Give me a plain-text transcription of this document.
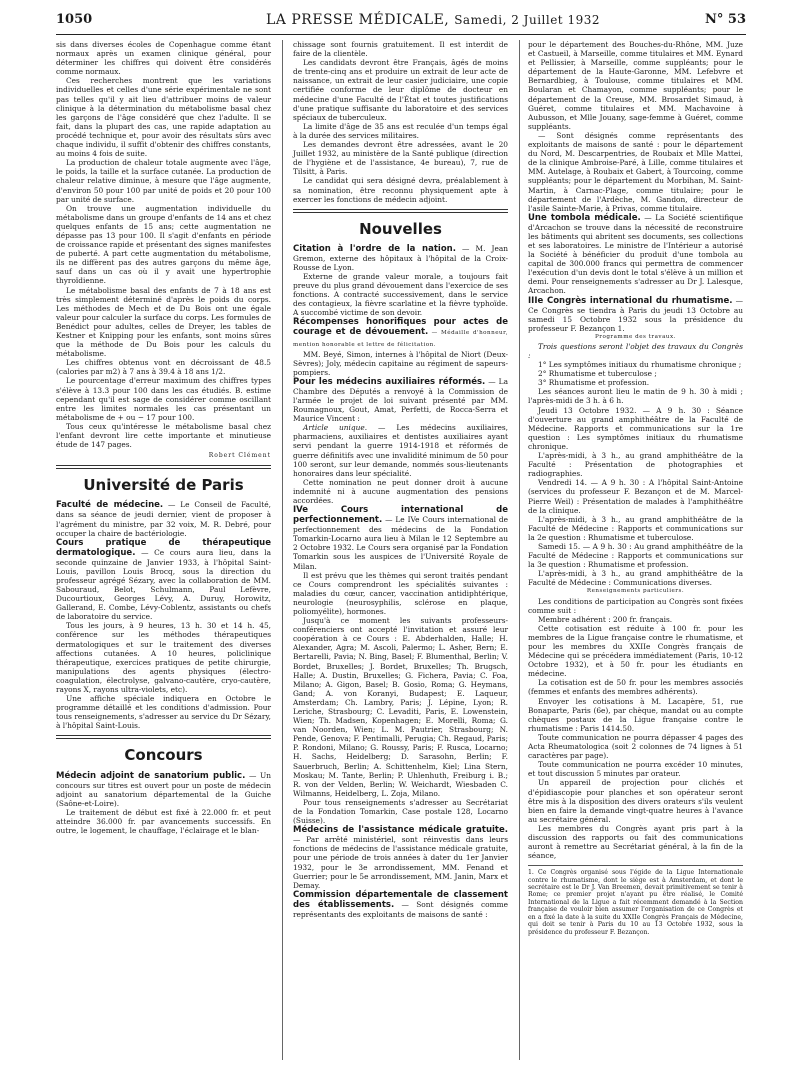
1050	LA PRESSE MÉDICALE, Samedi, 2 Juillet 1932	N° 53

sis dans diverses écoles de Copenhague comme étant normaux après un examen clinique général, pour déterminer les chiffres qui doivent être considérés comme normaux.

Ces recherches montrent que les variations individuelles et celles d'une série expérimentale ne sont pas telles qu'il y ait lieu d'attribuer moins de valeur clinique à la détermination du métabolisme basal chez les garçons de l'âge considéré que chez l'adulte. Il se fait, dans la plupart des cas, une rapide adaptation au procédé technique et, pour avoir des résultats sûrs avec chaque individu, il suffit d'obtenir des chiffres constants, au moins 4 fois de suite.

La production de chaleur totale augmente avec l'âge, le poids, la taille et la surface cutanée. La production de chaleur relative diminue, à mesure que l'âge augmente, d'environ 50 pour 100 par unité de poids et 20 pour 100 par unité de surface.

On trouve une augmentation individuelle du métabolisme dans un groupe d'enfants de 14 ans et chez quelques enfants de 15 ans; cette augmentation ne dépasse pas 13 pour 100. Il s'agit d'enfants en période de croissance rapide et présentant des signes manifestes de puberté. A part cette augmentation du métabolisme, ils ne diffèrent pas des autres garçons du même âge, sauf dans un cas où il y avait une hypertrophie thyroïdienne.

Le métabolisme basal des enfants de 7 à 18 ans est très simplement déterminé d'après le poids du corps. Les méthodes de Mech et de Du Bois ont une égale valeur pour calculer la surface du corps. Les formules de Benédict pour adultes, celles de Dreyer, les tables de Kestner et Knipping pour les enfants, sont moins sûres que la méthode de Du Bois pour les calculs du métabolisme.

Les chiffres obtenus vont en décroissant de 48.5 (calories par m2) à 7 ans à 39.4 à 18 ans 1/2.

Le pourcentage d'erreur maximum des chiffres types s'élève à 13.3 pour 100 dans les cas étudiés. B. estime cependant qu'il est sage de considérer comme oscillant entre les limites normales les cas présentant un métabolisme de + ou − 17 pour 100.

Tous ceux qu'intéresse le métabolisme basal chez l'enfant devront lire cette importante et minutieuse étude de 147 pages.

Robert Clément
Université de Paris

Faculté de médecine. — Le Conseil de Faculté, dans sa séance de jeudi dernier, vient de proposer à l'agrément du ministre, par 32 voix, M. R. Debré, pour occuper la chaire de bactériologie.

Cours pratique de thérapeutique dermatologique. — Ce cours aura lieu, dans la seconde quinzaine de Janvier 1933, à l'hôpital Saint-Louis, pavillon Louis Brocq, sous la direction du professeur agrégé Sézary, avec la collaboration de MM. Sabouraud, Belot, Schulmann, Paul Lefèvre, Ducourtioux, Georges Lévy, A. Duruy, Horowitz, Gallerand, E. Combe, Lévy-Coblentz, assistants ou chefs de laboratoire du service.

Tous les jours, à 9 heures, 13 h. 30 et 14 h. 45, conférence sur les méthodes thérapeutiques dermatologiques et sur le traitement des diverses affections cutanées. A 10 heures, policlinique thérapeutique, exercices pratiques de petite chirurgie, manipulations des agents physiques (électro-coagulation, électrolyse, galvano-cautère, cryo-cautère, rayons X, rayons ultra-violets, etc).

Une affiche spéciale indiquera en Octobre le programme détaillé et les conditions d'admission. Pour tous renseignements, s'adresser au service du Dr Sézary, à l'hôpital Saint-Louis.

Concours

Médecin adjoint de sanatorium public. — Un concours sur titres est ouvert pour un poste de médecin adjoint au sanatorium départemental de la Guiche (Saône-et-Loire).

Le traitement de début est fixé à 22.000 fr. et peut atteindre 36.000 fr. par avancements successifs. En outre, le logement, le chauffage, l'éclairage et le blan-

chissage sont fournis gratuitement. Il est interdit de faire de la clientèle.

Les candidats devront être Français, âgés de moins de trente-cinq ans et produire un extrait de leur acte de naissance, un extrait de leur casier judiciaire, une copie certifiée conforme de leur diplôme de docteur en médecine d'une Faculté de l'État et toutes justifications d'une pratique suffisante du laboratoire et des services spéciaux de tuberculeux.

La limite d'âge de 35 ans est reculée d'un temps égal à la durée des services militaires.

Les demandes devront être adressées, avant le 20 Juillet 1932, au ministère de la Santé publique (direction de l'hygiène et de l'assistance, 4e bureau), 7, rue de Tilsitt, à Paris.

Le candidat qui sera désigné devra, préalablement à sa nomination, être reconnu physiquement apte à exercer les fonctions de médecin adjoint.

Nouvelles

Citation à l'ordre de la nation. — M. Jean Gremon, externe des hôpitaux à l'hôpital de la Croix-Rousse de Lyon.

Externe de grande valeur morale, a toujours fait preuve du plus grand dévouement dans l'exercice de ses fonctions. A contracté successivement, dans le service des contagieux, la fièvre scarlatine et la fièvre typhoïde. A succombé victime de son devoir.

Récompenses honorifiques pour actes de courage et de dévouement. — Médaille d'honneur, mention honorable et lettre de félicitation.

MM. Beyé, Simon, internes à l'hôpital de Niort (Deux-Sèvres); Joly, médecin capitaine au régiment de sapeurs-pompiers.

Pour les médecins auxiliaires réformés. — La Chambre des Députés a renvoyé à la Commission de l'armée le projet de loi suivant présenté par MM. Roumagnoux, Gout, Amat, Perfetti, de Rocca-Serra et Maurice Vincent :

Article unique. — Les médecins auxiliaires, pharmaciens, auxiliaires et dentistes auxiliaires ayant servi pendant la guerre 1914-1918 et réformés de guerre définitifs avec une invalidité minimum de 50 pour 100 seront, sur leur demande, nommés sous-lieutenants honoraires dans leur spécialité.

Cette nomination ne peut donner droit à aucune indemnité ni à aucune augmentation des pensions accordées.

IVe Cours international de perfectionnement. — Le IVe Cours international de perfectionnement des médecins de la Fondation Tomarkin-Locarno aura lieu à Milan le 12 Septembre au 2 Octobre 1932. Le Cours sera organisé par la Fondation Tomarkin sous les auspices de l'Université Royale de Milan.

Il est prévu que les thèmes qui seront traités pendant ce Cours comprendront les spécialités suivantes : maladies du cœur, cancer, vaccination antidiphtérique, neurologie (neurosyphilis, sclérose en plaque, poliomyélite), hormones.

Jusqu'à ce moment les suivants professeurs-conférenciers ont accepté l'invitation et assuré leur coopération à ce Cours : E. Abderhalden, Halle; H. Alexander, Agra; M. Ascoli, Palermo; L. Asher, Bern; E. Bertarelli, Pavia; N. Bing, Basel; F. Blumenthal, Berlin; V. Bordet, Bruxelles; J. Bordet, Bruxelles; Th. Brugsch, Halle; A. Dustin, Bruxelles; G. Fichera, Pavia; C. Foa, Milano; A. Gigon, Basel; B. Gosio, Roma; G. Heymans, Gand; A. von Koranyi, Budapest; E. Laqueur, Amsterdam; Ch. Lambry, Paris; J. Lépine, Lyon; R. Leriche, Strasbourg; C. Levaditi, Paris, E. Lowenstein, Wien; Th. Madsen, Kopenhagen; E. Morelli, Roma; G. van Noorden, Wien; L. M. Pautrier, Strasbourg; N. Pende, Genova; F. Pentimalli, Perugia; Ch. Regaud, Paris; P. Rondoni, Milano; G. Roussy, Paris; F. Rusca, Locarno; H. Sachs, Heidelberg; D. Sarasohn, Berlin; F. Sauerbruch, Berlin; A. Schittenhelm, Kiel; Lina Stern, Moskau; M. Tante, Berlin; P. Uhlenhuth, Freiburg i. B.; R. von der Velden, Berlin; W. Weichardt, Wiesbaden C. Wilmanns, Heidelberg, L. Zoja, Milano.

Pour tous renseignements s'adresser au Secrétariat de la Fondation Tomarkin, Case postale 128, Locarno (Suisse).

Médecins de l'assistance médicale gratuite. — Par arrêté ministériel, sont réinvestis dans leurs fonctions de médecins de l'assistance médicale gratuite, pour une période de trois années à dater du 1er Janvier 1932, pour le 3e arrondissement, MM. Fenand et Guerrier; pour le 5e arrondissement, MM. Janin, Marx et Demay.

Commission départementale de classement des établissements. — Sont désignés comme représentants des exploitants de maisons de santé :

pour le département des Bouches-du-Rhône, MM. Juze et Castueil, à Marseille, comme titulaires et MM. Eynard et Pellissier, à Marseille, comme suppléants; pour le département de la Haute-Garonne, MM. Lefebvre et Bernardbieg, à Toulouse, comme titulaires et MM. Boularan et Chamayon, comme suppléants; pour le département de la Creuse, MM. Brosardet Simaud, à Guéret, comme titulaires et MM. Machavoine à Aubusson, et Mlle Jouany, sage-femme à Guéret, comme suppléants.

— Sont désignés comme représentants des exploitants de maisons de santé : pour le département du Nord, M. Descarpentries, de Roubaix et Mlle Mattei, de la clinique Ambroise-Paré, à Lille, comme titulaires et MM. Autelage, à Roubaix et Gabert, à Tourcoing, comme suppléants; pour le département du Morbihan, M. Saint-Martin, à Carnac-Plage, comme titulaire; pour le département de l'Ardèche, M. Gandon, directeur de l'asile Sainte-Marie, à Privas, comme titulaire.

Une tombola médicale. — La Société scientifique d'Arcachon se trouve dans la nécessité de reconstruire les bâtiments qui abritent ses documents, ses collections et ses laboratoires. Le ministre de l'Intérieur a autorisé la Société à bénéficier du produit d'une tombola au capital de 300.000 francs qui permettra de commencer l'exécution d'un devis dont le total s'élève à un million et demi. Pour renseignements s'adresser au Dr J. Lalesque, Arcachon.

IIIe Congrès international du rhumatisme. — Ce Congrès se tiendra à Paris du jeudi 13 Octobre au samedi 15 Octobre 1932 sous la présidence du professeur F. Bezançon 1.

Programme des travaux.

Trois questions seront l'objet des travaux du Congrès :

1° Les symptômes initiaux du rhumatisme chronique ;

2° Rhumatisme et tuberculose ;

3° Rhumatisme et profession.

Les séances auront lieu le matin de 9 h. 30 à midi ; l'après-midi de 3 h. à 6 h.

Jeudi 13 Octobre 1932. — A 9 h. 30 : Séance d'ouverture au grand amphithéâtre de la Faculté de Médecine. Rapports et communications sur la 1re question : Les symptômes initiaux du rhumatisme chronique.

L'après-midi, à 3 h., au grand amphithéâtre de la Faculté : Présentation de photographies et radiographies.

Vendredi 14. — A 9 h. 30 : A l'hôpital Saint-Antoine (services du professeur F. Bezançon et de M. Marcel-Pierre Weil) : Présentation de malades à l'amphithéâtre de la clinique.

L'après-midi, à 3 h., au grand amphithéâtre de la Faculté de Médecine : Rapports et communications sur la 2e question : Rhumatisme et tuberculose.

Samedi 15. — A 9 h. 30 : Au grand amphithéâtre de la Faculté de Médecine : Rapports et communications sur la 3e question : Rhumatisme et profession.

L'après-midi, à 3 h., au grand amphithéâtre de la Faculté de Médecine : Communications diverses.

Renseignements particuliers.

Les conditions de participation au Congrès sont fixées comme suit :

Membre adhérent : 200 fr. français.

Cette cotisation est réduite à 100 fr. pour les membres de la Ligue française contre le rhumatisme, et pour les membres du XXIIe Congrès français de Médecine qui se précédera immédiatement (Paris, 10-12 Octobre 1932), et à 50 fr. pour les étudiants en médecine.

La cotisation est de 50 fr. pour les membres associés (femmes et enfants des membres adhérents).

Envoyer les cotisations à M. Lacapère, 51, rue Bonaparte, Paris (6e), par chèque, mandat ou au compte chèques postaux de la Ligue française contre le rhumatisme : Paris 1414.50.

Toute communication ne pourra dépasser 4 pages des Acta Rheumatologica (soit 2 colonnes de 74 lignes à 51 caractères par page).

Toute communication ne pourra excéder 10 minutes, et tout discussion 5 minutes par orateur.

Un appareil de projection pour clichés et d'épidiascopie pour planches et son opérateur seront être mis à la disposition des divers orateurs s'ils veulent bien en faire la demande vingt-quatre heures à l'avance au secrétaire général.

Les membres du Congrès ayant pris part à la discussion des rapports ou fait des communications auront à remettre au Secrétariat général, à la fin de la séance,

1. Ce Congrès organisé sous l'égide de la Ligue Internationale contre le rhumatisme, dont le siège est à Amsterdam, et dont le secrétaire est le Dr J. Van Breemen, devait primitivement se tenir à Rome; ce premier projet n'ayant pu être réalisé, le Comité International de la Ligue a fait récemment demandé à la Section française de vouloir bien assumer l'organisation de ce Congrès et en a fixé la date à la suite du XXIIe Congrès Français de Médecine, qui doit se tenir à Paris du 10 au 13 Octobre 1932, sous la présidence du professeur F. Bezançon.
